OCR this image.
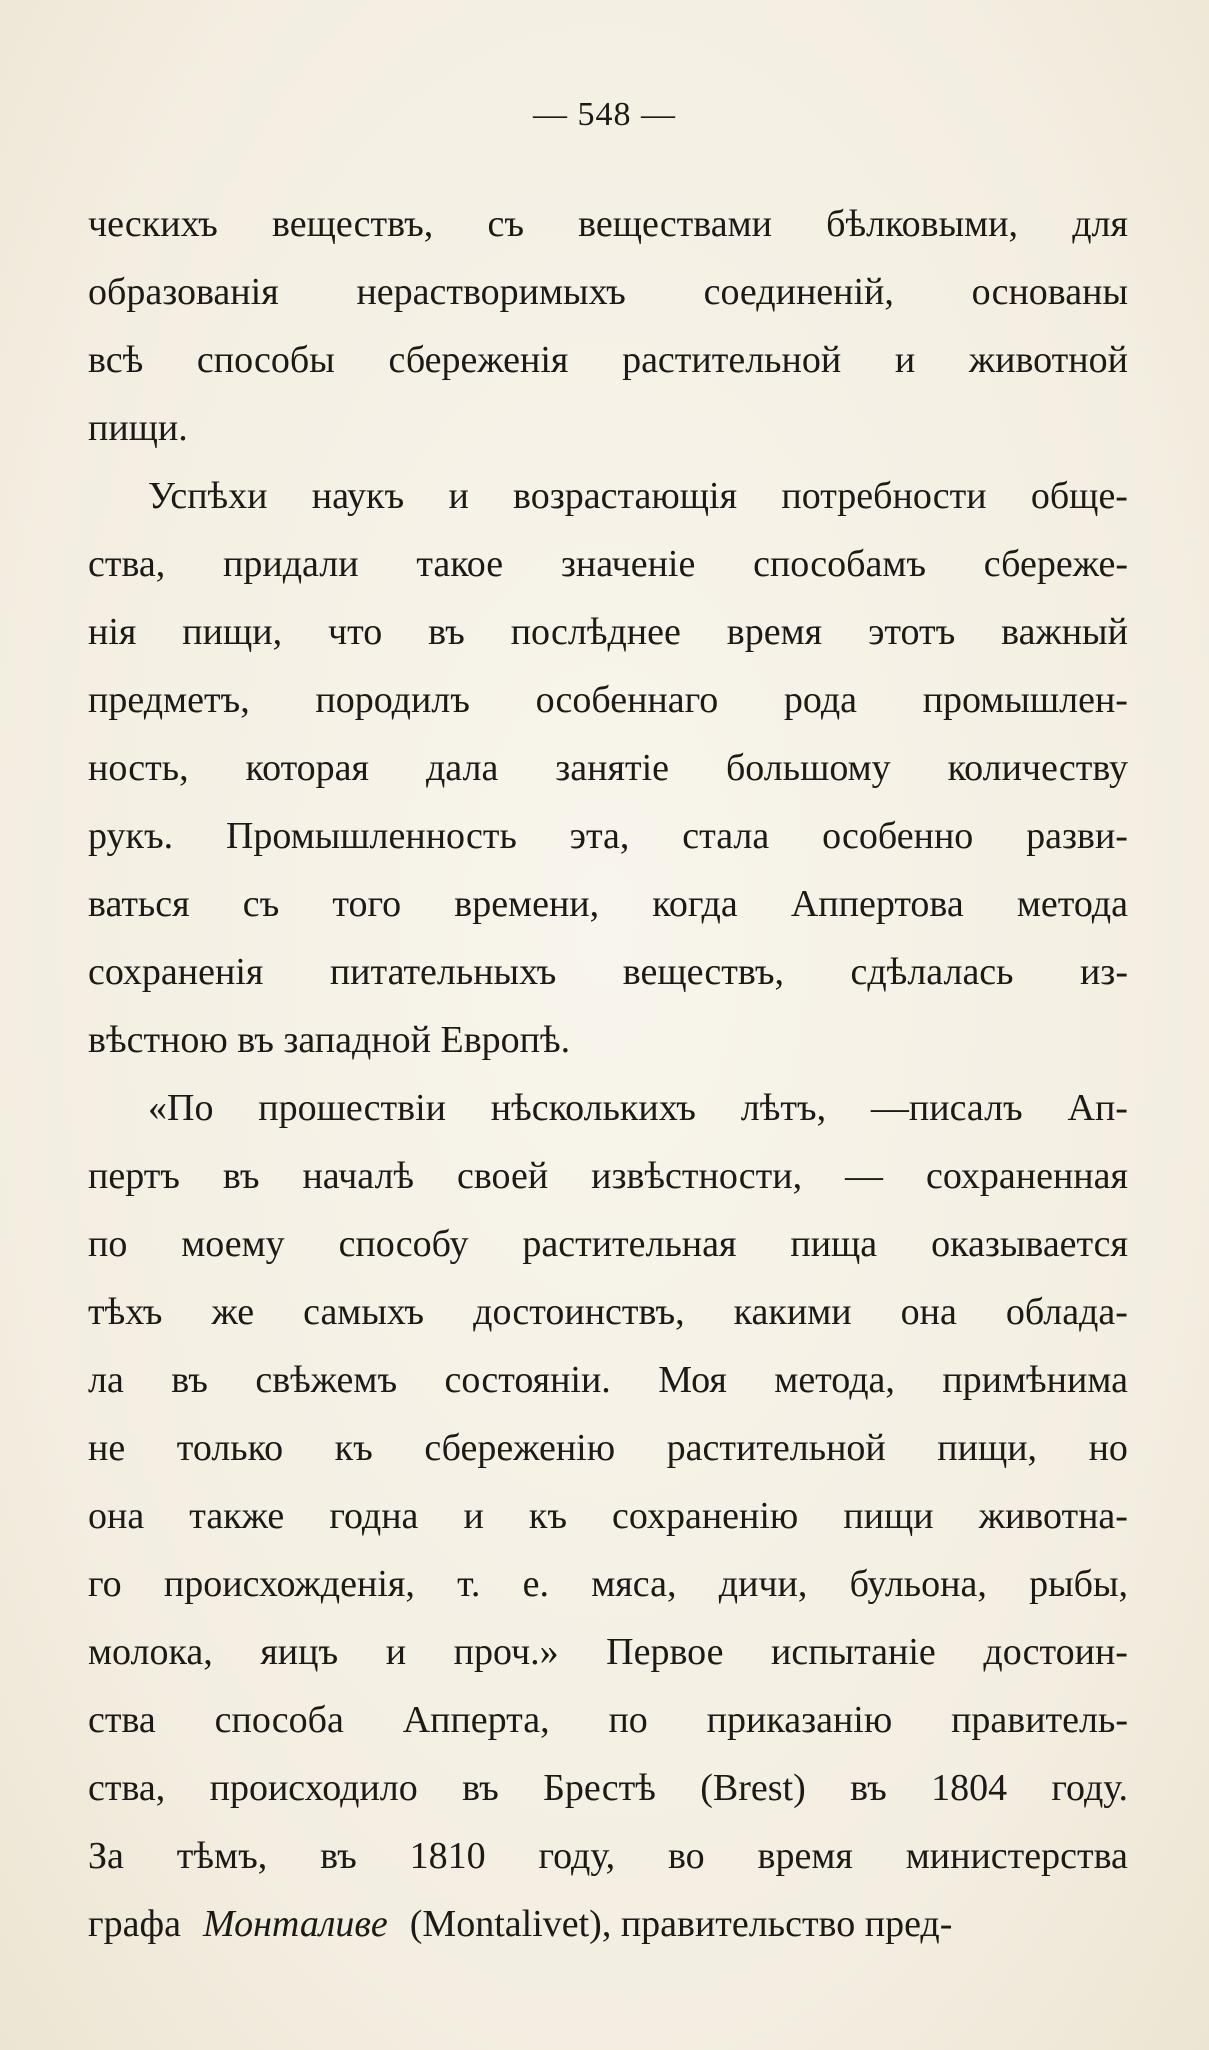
— 548 —
ческихъ веществъ, съ веществами бѣлковыми, для
образованія нерастворимыхъ соединеній, основаны
всѣ способы сбереженія растительной и животной
пищи.
Успѣхи наукъ и возрастающія потребности обще-
ства, придали такое значеніе способамъ сбереже-
нія пищи, что въ послѣднее время этотъ важный
предметъ, породилъ особеннаго рода промышлен-
ность, которая дала занятіе большому количеству
рукъ. Промышленность эта, стала особенно разви-
ваться съ того времени, когда Аппертова метода
сохраненія питательныхъ веществъ, сдѣлалась из-
вѣстною въ западной Европѣ.
«По прошествіи нѣсколькихъ лѣтъ, —писалъ Ап-
пертъ въ началѣ своей извѣстности, — сохраненная
по моему способу растительная пища оказывается
тѣхъ же самыхъ достоинствъ, какими она облада-
ла въ свѣжемъ состояніи. Моя метода, примѣнима
не только къ сбереженію растительной пищи, но
она также годна и къ сохраненію пищи животна-
го происхожденія, т. е. мяса, дичи, бульона, рыбы,
молока, яицъ и проч.» Первое испытаніе достоин-
ства способа Апперта, по приказанію правитель-
ства, происходило въ Брестѣ (Brest) въ 1804 году.
За тѣмъ, въ 1810 году, во время министерства
графа Монталиве (Montalivet), правительство пред-
